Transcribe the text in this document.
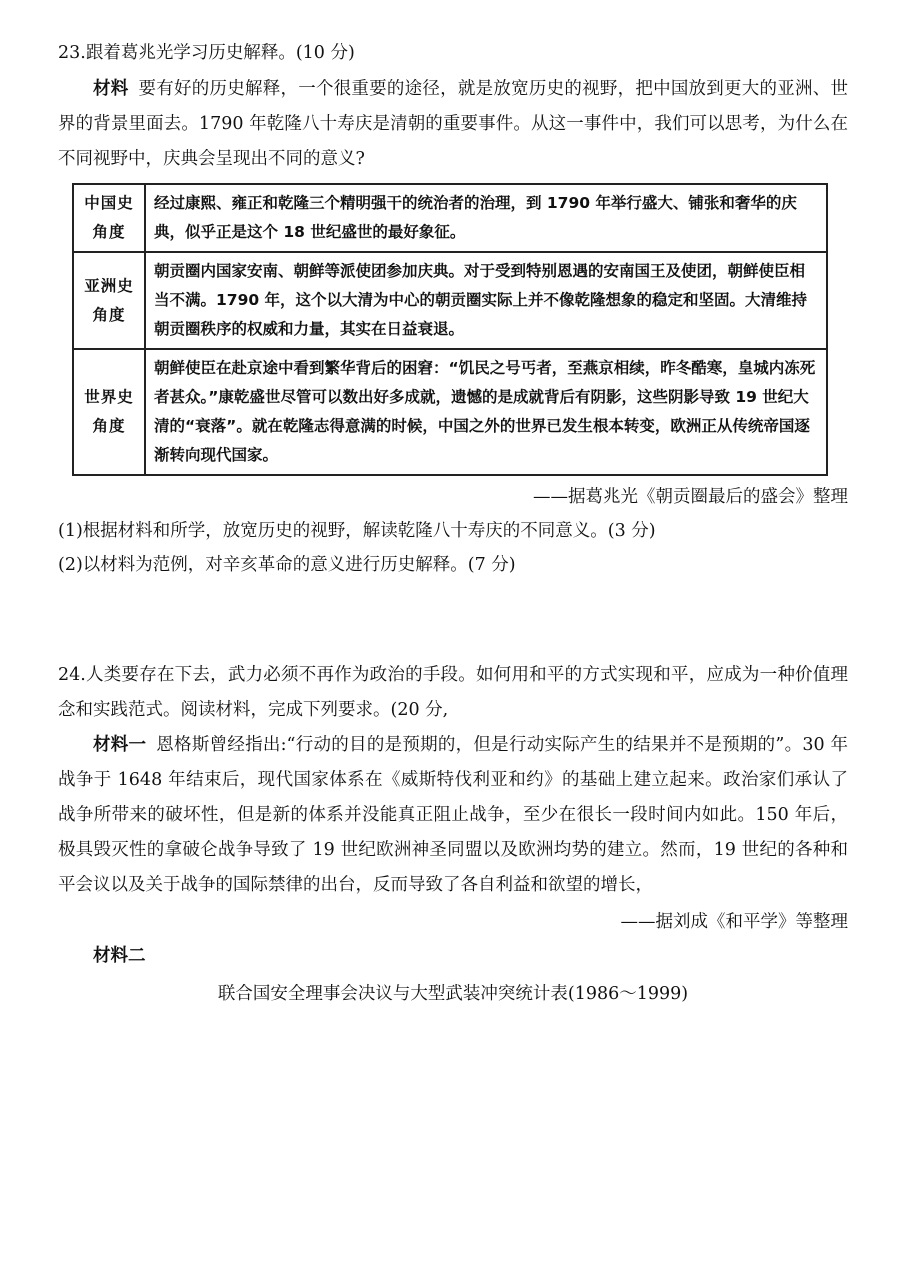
23.跟着葛兆光学习历史解释。(10 分)
材料 要有好的历史解释，一个很重要的途径，就是放宽历史的视野，把中国放到更大的亚洲、世界的背景里面去。1790 年乾隆八十寿庆是清朝的重要事件。从这一事件中，我们可以思考，为什么在不同视野中，庆典会呈现出不同的意义?
中国史角度	经过康熙、雍正和乾隆三个精明强干的统治者的治理，到 1790 年举行盛大、铺张和奢华的庆典，似乎正是这个 18 世纪盛世的最好象征。
亚洲史角度	朝贡圈内国家安南、朝鲜等派使团参加庆典。对于受到特别恩遇的安南国王及使团，朝鲜使臣相当不满。1790 年，这个以大清为中心的朝贡圈实际上并不像乾隆想象的稳定和坚固。大清维持朝贡圈秩序的权威和力量，其实在日益衰退。
世界史角度	朝鲜使臣在赴京途中看到繁华背后的困窘：“饥民之号丐者，至燕京相续，昨冬酷寒，皇城内冻死者甚众。”康乾盛世尽管可以数出好多成就，遗憾的是成就背后有阴影，这些阴影导致 19 世纪大清的“衰落”。就在乾隆志得意满的时候，中国之外的世界已发生根本转变，欧洲正从传统帝国逐渐转向现代国家。
——据葛兆光《朝贡圈最后的盛会》整理
(1)根据材料和所学，放宽历史的视野，解读乾隆八十寿庆的不同意义。(3 分)
(2)以材料为范例，对辛亥革命的意义进行历史解释。(7 分)
24.人类要存在下去，武力必须不再作为政治的手段。如何用和平的方式实现和平，应成为一种价值理念和实践范式。阅读材料，完成下列要求。(20 分,
材料一 恩格斯曾经指出:“行动的目的是预期的，但是行动实际产生的结果并不是预期的”。30 年战争于 1648 年结束后，现代国家体系在《威斯特伐利亚和约》的基础上建立起来。政治家们承认了战争所带来的破坏性，但是新的体系并没能真正阻止战争，至少在很长一段时间内如此。150 年后，极具毁灭性的拿破仑战争导致了 19 世纪欧洲神圣同盟以及欧洲均势的建立。然而，19 世纪的各种和平会议以及关于战争的国际禁律的出台，反而导致了各自利益和欲望的增长，
——据刘成《和平学》等整理
材料二
联合国安全理事会决议与大型武装冲突统计表(1986～1999)
